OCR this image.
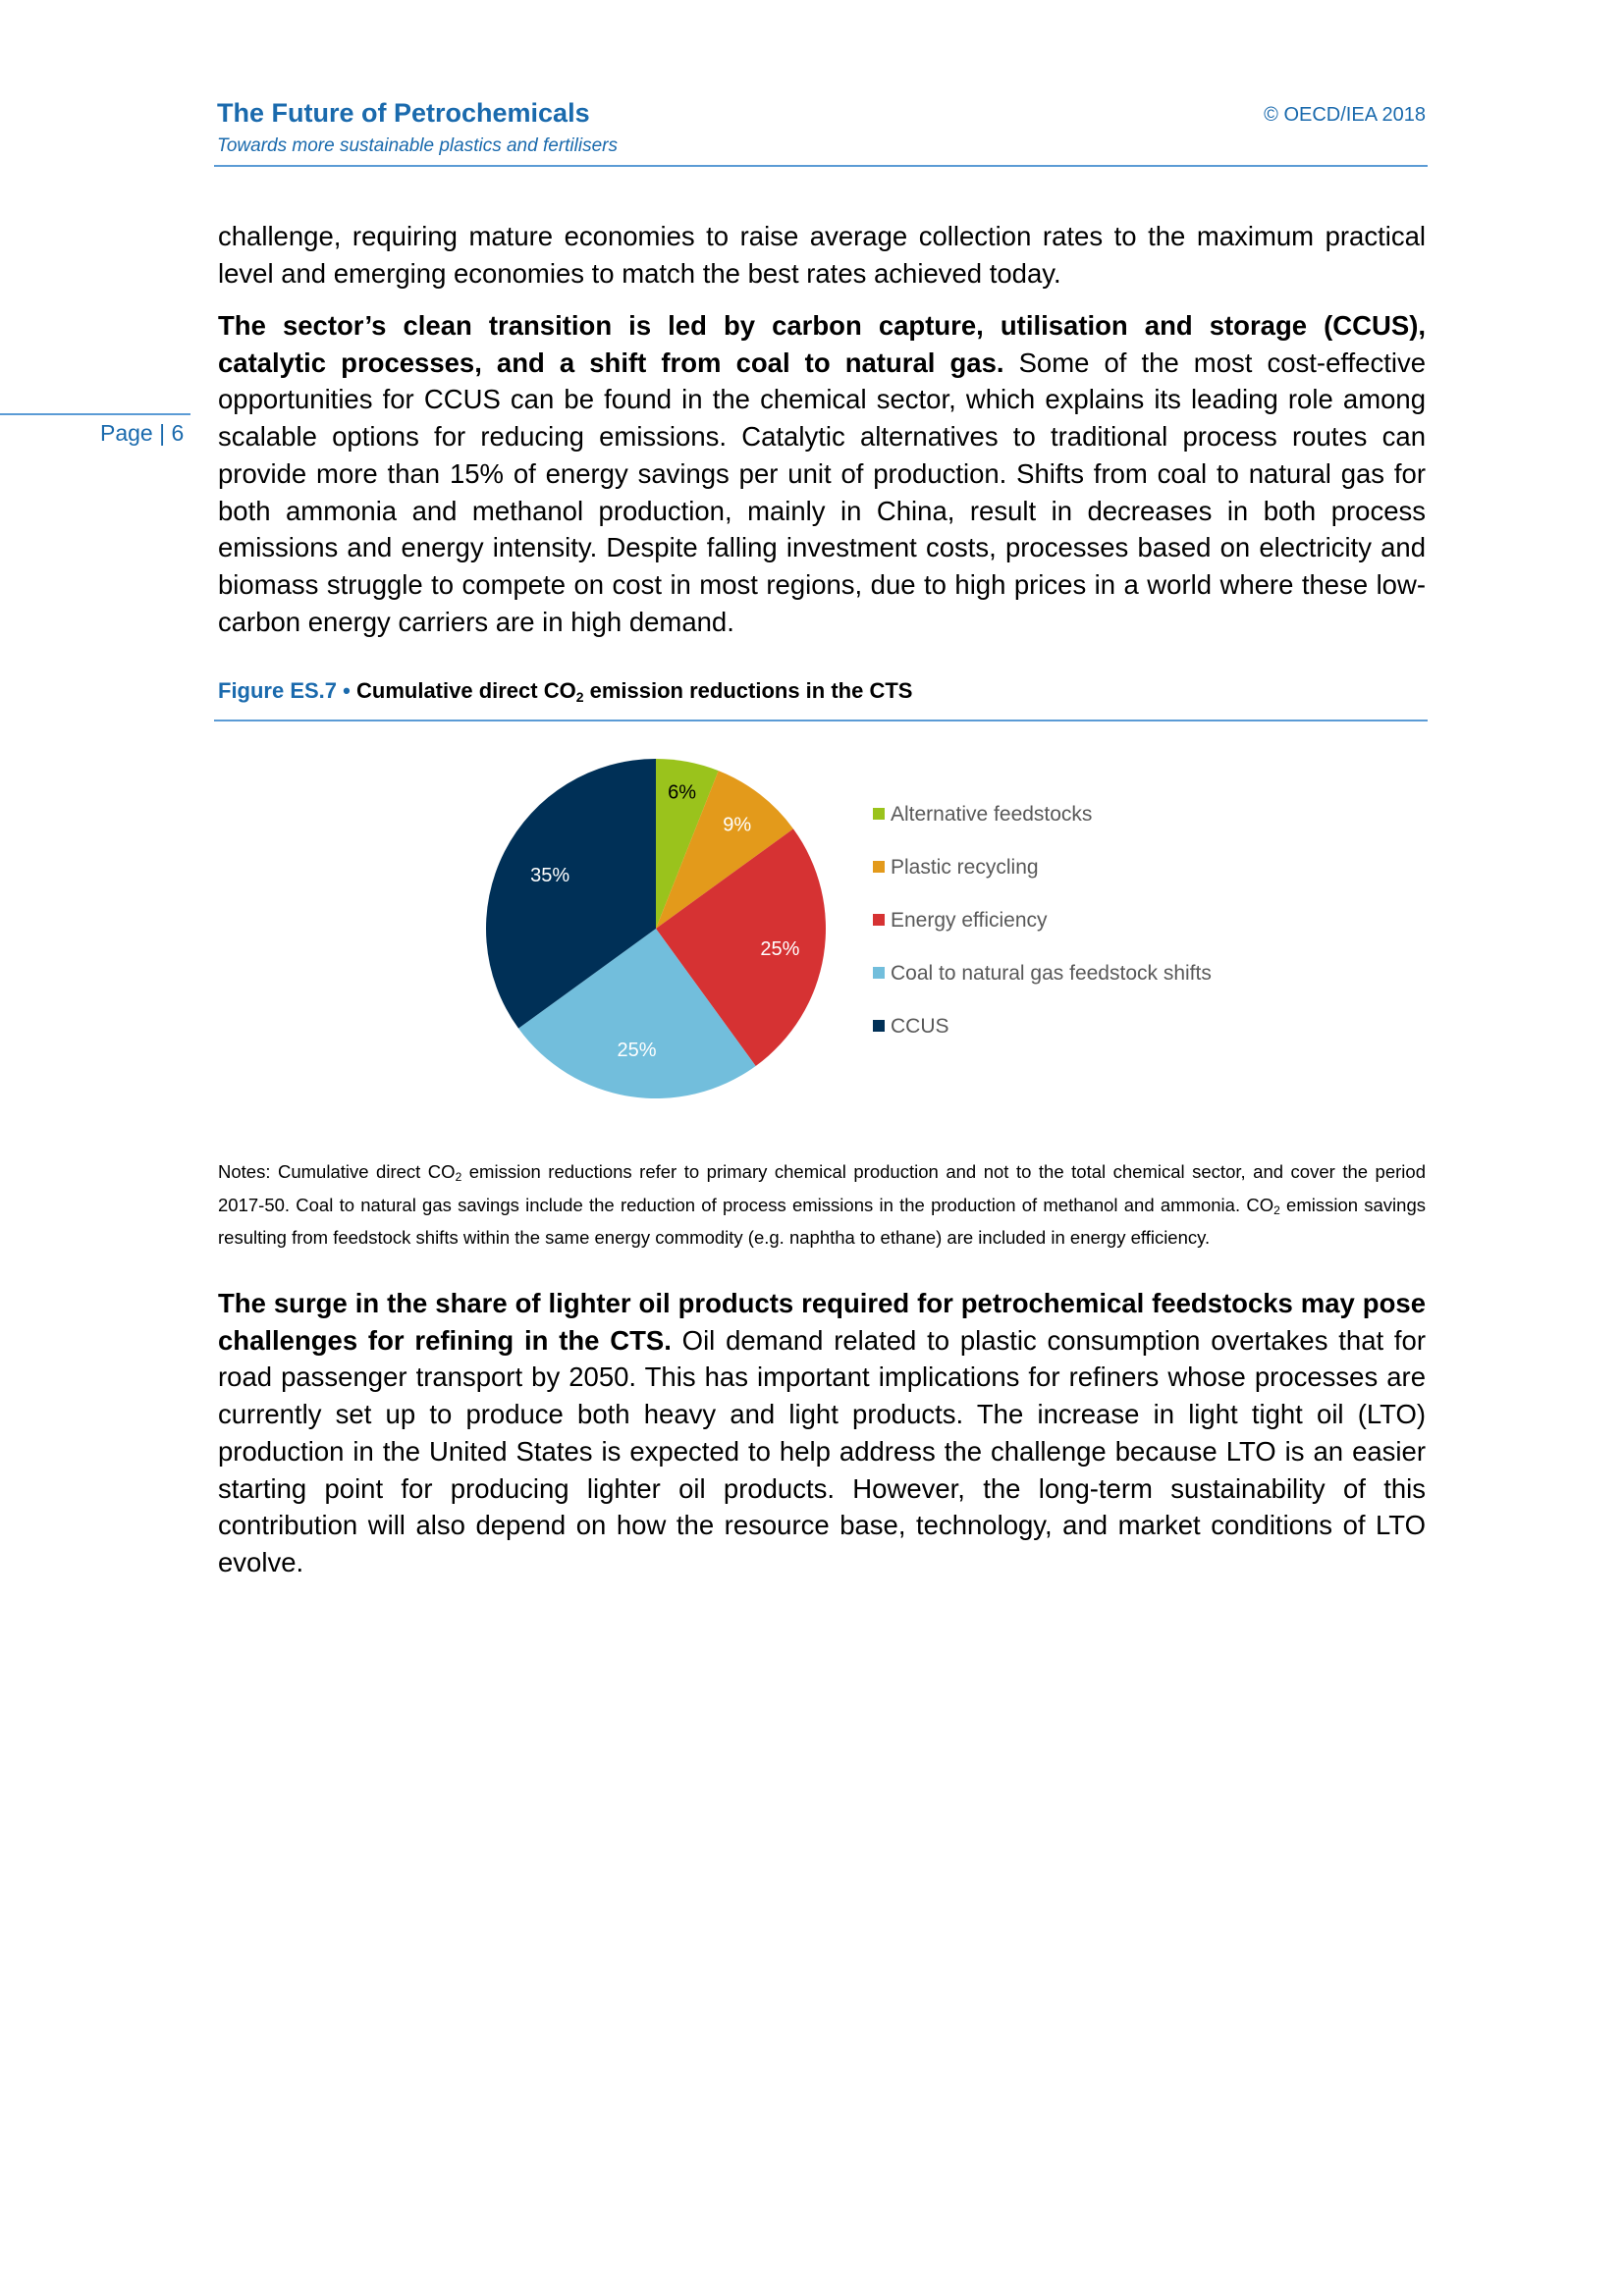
The Future of Petrochemicals
Towards more sustainable plastics and fertilisers
© OECD/IEA 2018
Page | 6
challenge, requiring mature economies to raise average collection rates to the maximum practical level and emerging economies to match the best rates achieved today.
The sector’s clean transition is led by carbon capture, utilisation and storage (CCUS), catalytic processes, and a shift from coal to natural gas. Some of the most cost-effective opportunities for CCUS can be found in the chemical sector, which explains its leading role among scalable options for reducing emissions. Catalytic alternatives to traditional process routes can provide more than 15% of energy savings per unit of production. Shifts from coal to natural gas for both ammonia and methanol production, mainly in China, result in decreases in both process emissions and energy intensity. Despite falling investment costs, processes based on electricity and biomass struggle to compete on cost in most regions, due to high prices in a world where these low-carbon energy carriers are in high demand.
Figure ES.7 • Cumulative direct $CO_2$ emission reductions in the CTS
6%
9%
25%
25%
35%
Alternative feedstocks
Plastic recycling
Energy efficiency
Coal to natural gas feedstock shifts
CCUS
Notes: Cumulative direct $CO_2$ emission reductions refer to primary chemical production and not to the total chemical sector, and cover the period 2017-50. Coal to natural gas savings include the reduction of process emissions in the production of methanol and ammonia. $CO_2$ emission savings resulting from feedstock shifts within the same energy commodity (e.g. naphtha to ethane) are included in energy efficiency.
The surge in the share of lighter oil products required for petrochemical feedstocks may pose challenges for refining in the CTS. Oil demand related to plastic consumption overtakes that for road passenger transport by 2050. This has important implications for refiners whose processes are currently set up to produce both heavy and light products. The increase in light tight oil (LTO) production in the United States is expected to help address the challenge because LTO is an easier starting point for producing lighter oil products. However, the long-term sustainability of this contribution will also depend on how the resource base, technology, and market conditions of LTO evolve.
